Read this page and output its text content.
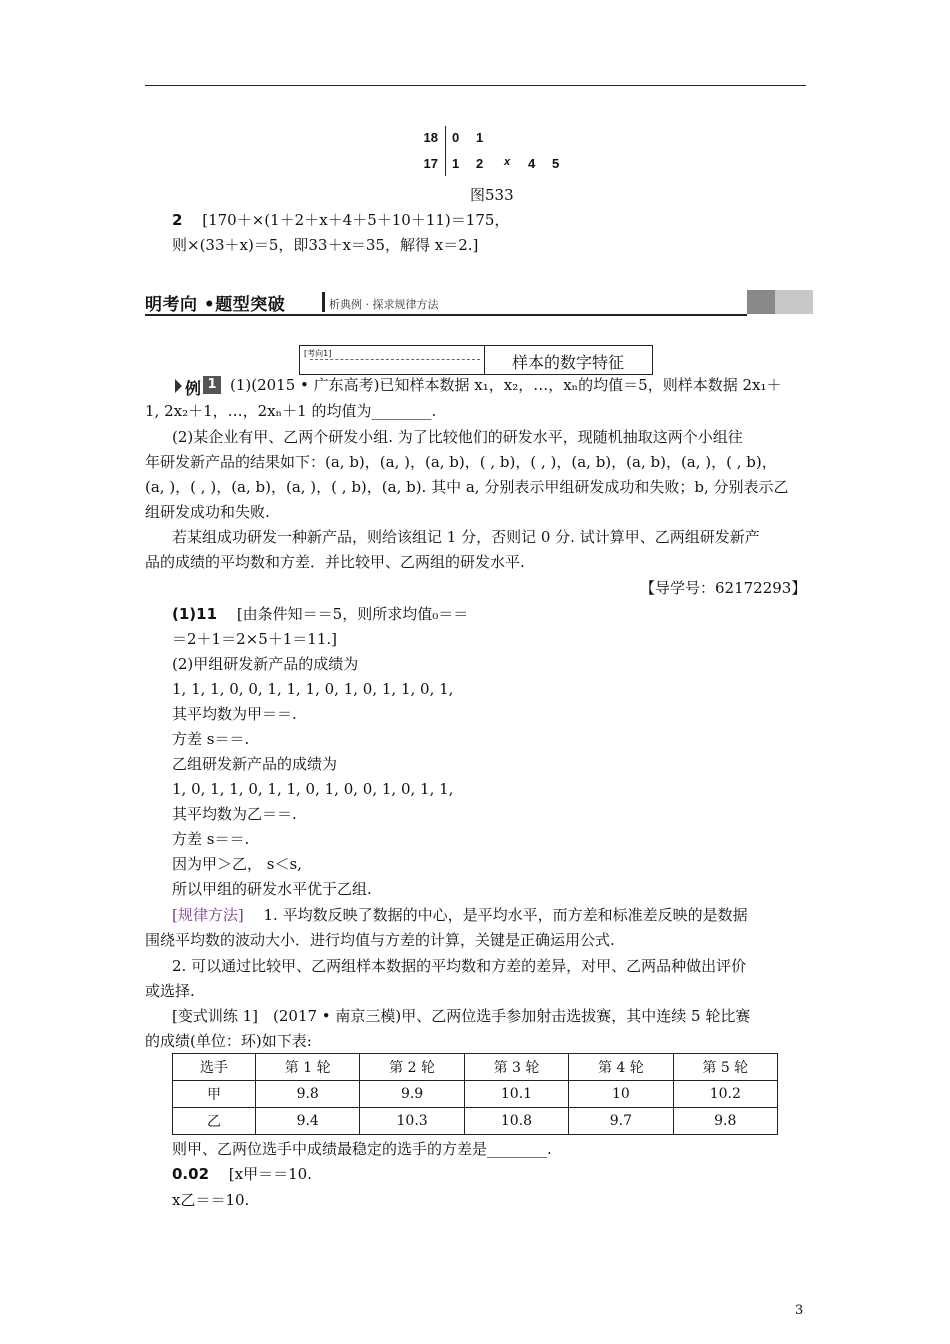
18 0 1
17 1 2 x 4 5
图533
2　 [170＋×(1＋2＋x＋4＋5＋10＋11)＝175，
则×(33＋x)＝5，即33＋x＝35，解得 x＝2.]
明考向 •题型突破	析典例 · 探求规律方法
[考向1]	样本的数字特征
例 1 (1)(2015 • 广东高考)已知样本数据 x₁，x₂，…，xₙ的均值＝5，则样本数据 2x₁＋
1, 2x₂＋1，…，2xₙ＋1 的均值为________.
(2)某企业有甲、乙两个研发小组. 为了比较他们的研发水平，现随机抽取这两个小组往
年研发新产品的结果如下：(a, b)，(a, )，(a, b)，( , b)，( , )，(a, b)，(a, b)，(a, )，( , b)，
(a, )，( , )，(a, b)，(a, )，( , b)，(a, b). 其中 a, 分别表示甲组研发成功和失败；b, 分别表示乙
组研发成功和失败.
若某组成功研发一种新产品，则给该组记 1 分，否则记 0 分. 试计算甲、乙两组研发新产
品的成绩的平均数和方差．并比较甲、乙两组的研发水平.
【导学号：62172293】
(1)11　 [由条件知＝＝5，则所求均值₀＝＝
＝2＋1＝2×5＋1＝11.]
(2)甲组研发新产品的成绩为
1, 1, 1, 0, 0, 1, 1, 1, 0, 1, 0, 1, 1, 0, 1,
其平均数为甲＝＝.
方差 s＝＝.
乙组研发新产品的成绩为
1, 0, 1, 1, 0, 1, 1, 0, 1, 0, 0, 1, 0, 1, 1,
其平均数为乙＝＝.
方差 s＝＝.
因为甲＞乙， s＜s,
所以甲组的研发水平优于乙组.
[规律方法]　 1. 平均数反映了数据的中心，是平均水平，而方差和标准差反映的是数据
围绕平均数的波动大小．进行均值与方差的计算，关键是正确运用公式.
2. 可以通过比较甲、乙两组样本数据的平均数和方差的差异，对甲、乙两品种做出评价
或选择.
[变式训练 1]　(2017 • 南京三模)甲、乙两位选手参加射击选拔赛，其中连续 5 轮比赛
的成绩(单位：环)如下表:
选手	第 1 轮	第 2 轮	第 3 轮	第 4 轮	第 5 轮
甲	9.8	9.9	10.1	10	10.2
乙	9.4	10.3	10.8	9.7	9.8
则甲、乙两位选手中成绩最稳定的选手的方差是________.
0.02　 [x甲＝＝10.
x乙＝＝10.
3
